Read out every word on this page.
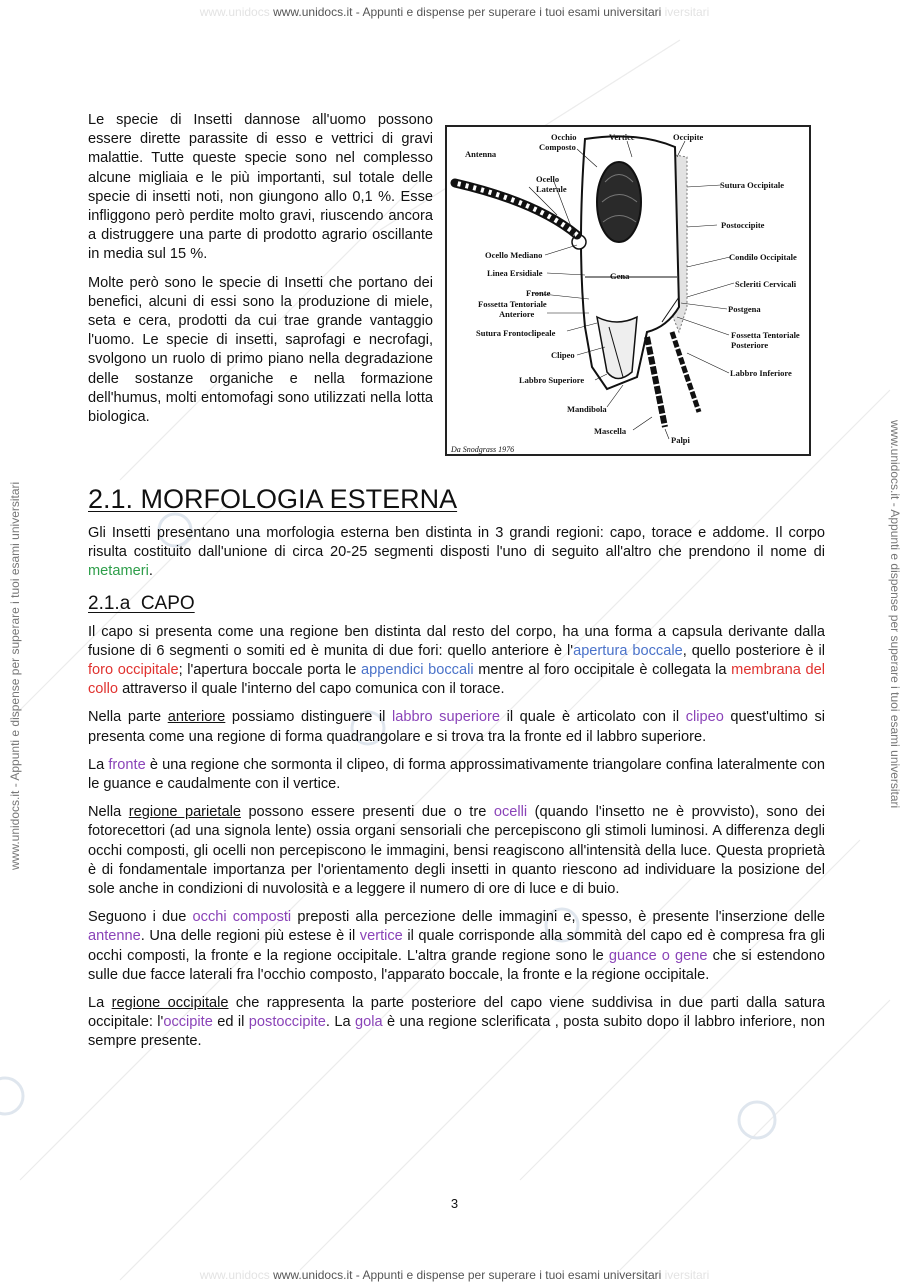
www.unidocs www.unidocs.it - Appunti e dispense per superare i tuoi esami universitari iversitari
www.unidocs.it - Appunti e dispense per superare i tuoi esami universitari	www.unidocs.it - Appunti e dispense per superare i tuoi esami universitari

Le specie di Insetti dannose all'uomo possono essere dirette parassite di esso e vettrici di gravi malattie. Tutte queste specie sono nel complesso alcune migliaia e le più importanti, sul totale delle specie di insetti noti, non giungono allo 0,1 %. Esse infliggono però perdite molto gravi, riuscendo ancora a distruggere una parte di prodotto agrario oscillante in media sul 15 %.

Molte però sono le specie di Insetti che portano dei benefici, alcuni di essi sono la produzione di miele, seta e cera, prodotti da cui trae grande vantaggio l'uomo. Le specie di insetti, saprofagi e necrofagi, svolgono un ruolo di primo piano nella degradazione delle sostanze organiche e nella formazione dell'humus, molti entomofagi sono utilizzati nella lotta biologica.

Antenna
Occhio
Composto
Vertice	Occipite
Ocello
Laterale	Sutura Occipitale
Postoccipite
Ocello Mediano	Condilo Occipitale
Linea Ersidiale	Gena
Scleriti Cervicali
Fronte
Fossetta Tentoriale
Anteriore	Postgena
Sutura Frontoclipeale	Fossetta Tentoriale
Posteriore
Clipeo
Labbro Inferiore
Labbro Superiore
Mandibola
Mascella
Palpi
Da Snodgrass 1976
2.1. MORFOLOGIA ESTERNA

Gli Insetti presentano una morfologia esterna ben distinta in 3 grandi regioni: capo, torace e addome. Il corpo risulta costituito dall'unione di circa 20-25 segmenti disposti l'uno di seguito all'altro che prendono il nome di metameri.

2.1.a  CAPO

Il capo si presenta come una regione ben distinta dal resto del corpo, ha una forma a capsula derivante dalla fusione di 6 segmenti o somiti ed è munita di due fori: quello anteriore è l'apertura boccale, quello posteriore è il foro occipitale; l'apertura boccale porta le appendici boccali mentre al foro occipitale è collegata la membrana del collo attraverso il quale l'interno del capo comunica con il torace.

Nella parte anteriore possiamo distinguere il labbro superiore il quale è articolato con il clipeo quest'ultimo si presenta come una regione di forma quadrangolare e si trova tra la fronte ed il labbro superiore.

La fronte è una regione che sormonta il clipeo, di forma approssimativamente triangolare confina lateralmente con le guance e caudalmente con il vertice.

Nella regione parietale possono essere presenti due o tre ocelli (quando l'insetto ne è provvisto), sono dei fotorecettori (ad una signola lente) ossia organi sensoriali che percepiscono gli stimoli luminosi. A differenza degli occhi composti, gli ocelli non percepiscono le immagini, bensi reagiscono all'intensità della luce. Questa proprietà è di fondamentale importanza per l'orientamento degli insetti in quanto riescono ad individuare la posizione del sole anche in condizioni di nuvolosità e a leggere il numero di ore di luce e di buio.

Seguono i due occhi composti preposti alla percezione delle immagini e, spesso, è presente l'inserzione delle antenne. Una delle regioni più estese è il vertice il quale corrisponde alla sommità del capo ed è compresa fra gli occhi composti, la fronte e la regione occipitale. L'altra grande regione sono le guance o gene che si estendono sulle due facce laterali fra l'occhio composto, l'apparato boccale, la fronte e la regione occipitale.

La regione occipitale che rappresenta la parte posteriore del capo viene suddivisa in due parti dalla satura occipitale: l'occipite ed il postoccipite. La gola è una regione sclerificata , posta subito dopo il labbro inferiore, non sempre presente.

3
www.unidocs www.unidocs.it - Appunti e dispense per superare i tuoi esami universitari iversitari
